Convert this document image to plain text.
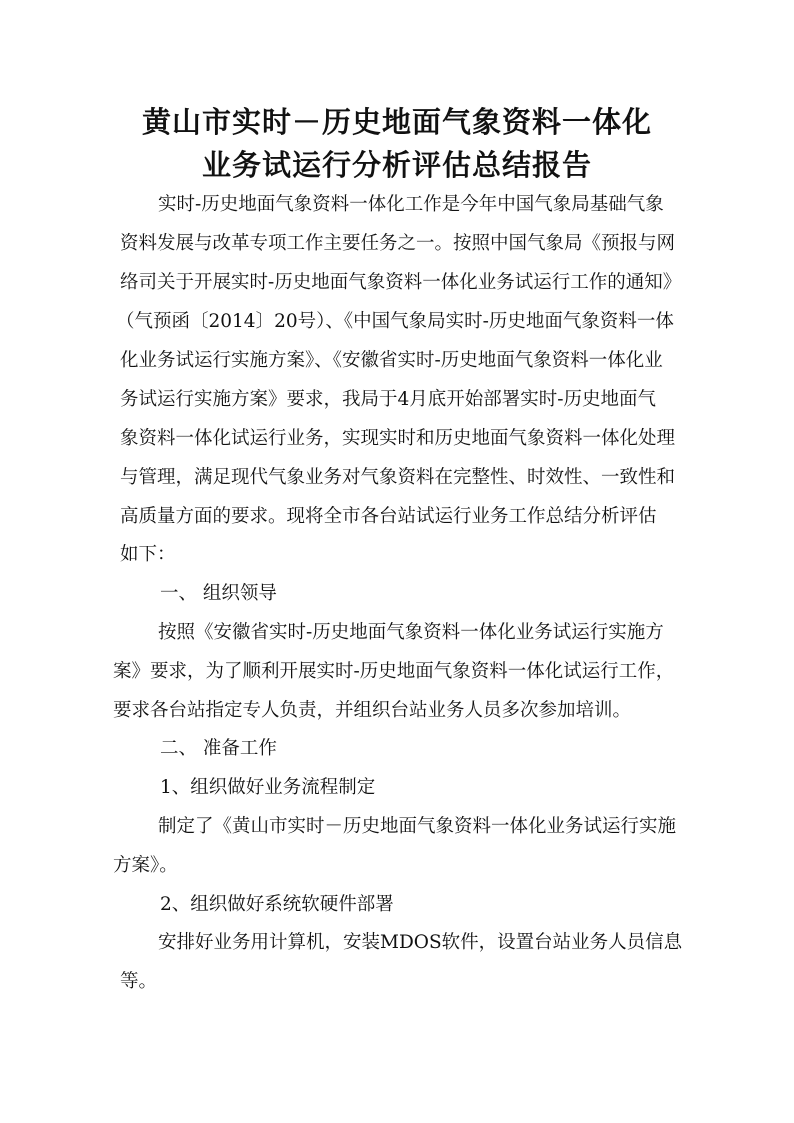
黄山市实时－历史地面气象资料一体化
业务试运行分析评估总结报告
实时-历史地面气象资料一体化工作是今年中国气象局基础气象
资料发展与改革专项工作主要任务之一。按照中国气象局《预报与网
络司关于开展实时-历史地面气象资料一体化业务试运行工作的通知》
（气预函〔2014〕20号）、《中国气象局实时-历史地面气象资料一体
化业务试运行实施方案》、《安徽省实时-历史地面气象资料一体化业
务试运行实施方案》要求，我局于4月底开始部署实时-历史地面气
象资料一体化试运行业务，实现实时和历史地面气象资料一体化处理
与管理，满足现代气象业务对气象资料在完整性、时效性、一致性和
高质量方面的要求。现将全市各台站试运行业务工作总结分析评估
如下：
一、 组织领导
按照《安徽省实时-历史地面气象资料一体化业务试运行实施方
案》要求，为了顺利开展实时-历史地面气象资料一体化试运行工作，
要求各台站指定专人负责，并组织台站业务人员多次参加培训。
二、 准备工作
1、组织做好业务流程制定
制定了《黄山市实时－历史地面气象资料一体化业务试运行实施
方案》。
2、组织做好系统软硬件部署
安排好业务用计算机，安装MDOS软件，设置台站业务人员信息
等。
